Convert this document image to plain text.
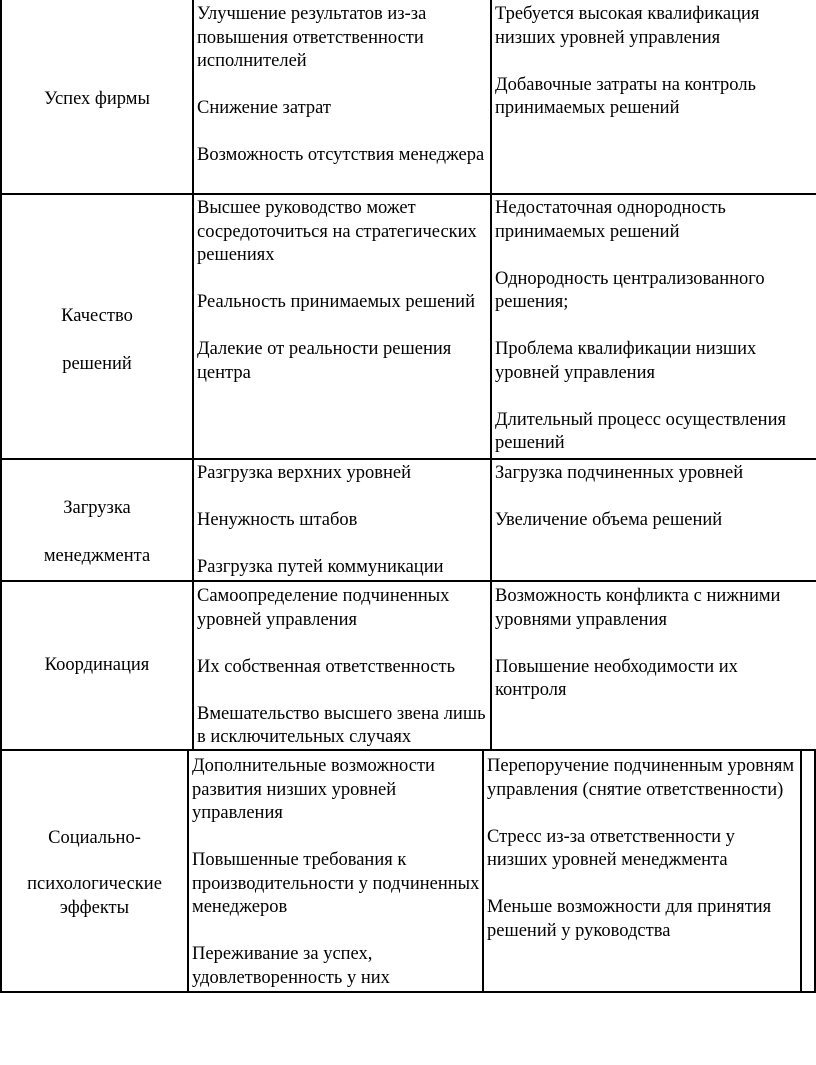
Успех фирмы

Улучшение результатов из-за повышения ответственности исполнителей

Снижение затрат

Возможность отсутствия менеджера

Требуется высокая квалификация низших уровней управления

Добавочные затраты на контроль принимаемых решений

Качество
решений

Высшее руководство может сосредоточиться на стратегических решениях

Реальность принимаемых решений

Далекие от реальности решения центра

Недостаточная однородность принимаемых решений

Однородность централизованного решения;

Проблема квалификации низших уровней управления

Длительный процесс осуществления решений

Загрузка
менеджмента

Разгрузка верхних уровней

Ненужность штабов

Разгрузка путей коммуникации

Загрузка подчиненных уровней

Увеличение объема решений

Координация

Самоопределение подчиненных уровней управления

Их собственная ответственность

Вмешательство высшего звена лишь в исключительных случаях

Возможность конфликта с нижними уровнями управления

Повышение необходимости их контроля

Социально-
психологические
эффекты

Дополнительные возможности развития низших уровней управления

Повышенные требования к производительности у подчиненных менеджеров

Переживание за успех, удовлетворенность у них

Перепоручение подчиненным уровням управления (снятие ответственности)

Стресс из-за ответственности у низших уровней менеджмента

Меньше возможности для принятия решений у руководства
